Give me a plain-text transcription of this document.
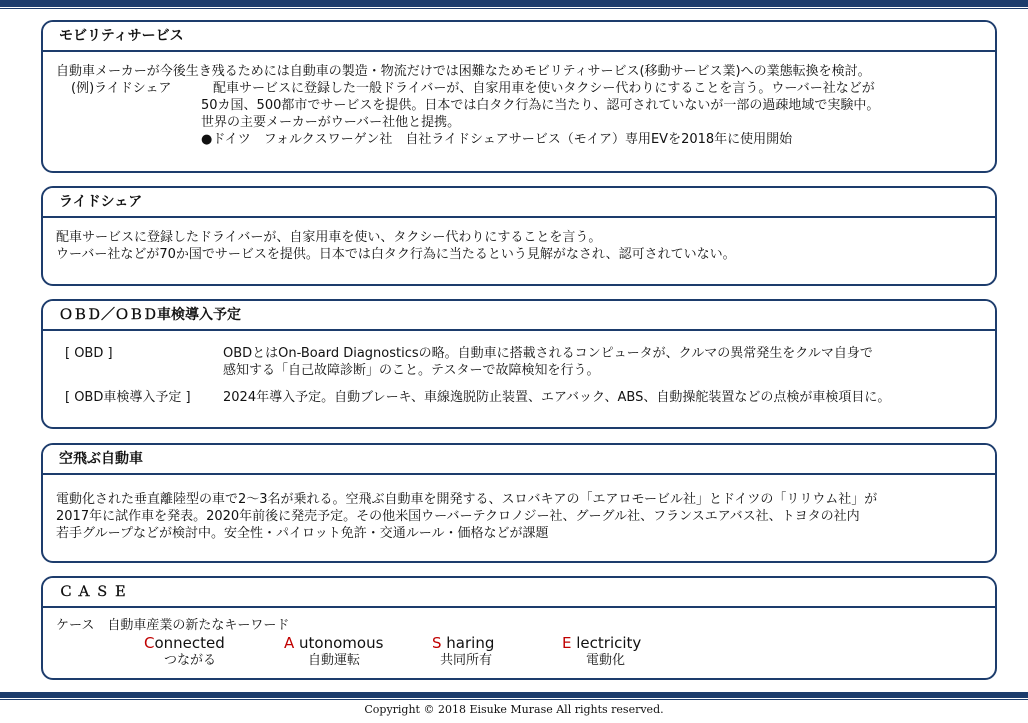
モビリティサービス
自動車メーカーが今後生き残るためには自動車の製造・物流だけでは困難なためモビリティサービス(移動サービス業)への業態転換を検討。
(例)ライドシェア	配車サービスに登録した一般ドライバーが、自家用車を使いタクシー代わりにすることを言う。ウーバー社などが
50カ国、500都市でサービスを提供。日本では白タク行為に当たり、認可されていないが一部の過疎地域で実験中。
世界の主要メーカーがウーバー社他と提携。
●ドイツ　フォルクスワーゲン社　自社ライドシェアサービス（モイア）専用EVを2018年に使用開始
ライドシェア
配車サービスに登録したドライバーが、自家用車を使い、タクシー代わりにすることを言う。
ウーバー社などが70か国でサービスを提供。日本では白タク行為に当たるという見解がなされ、認可されていない。
ＯＢＤ／ＯＢＤ車検導入予定
[ OBD ]	OBDとはOn-Board Diagnosticsの略。自動車に搭載されるコンピュータが、クルマの異常発生をクルマ自身で
感知する「自己故障診断」のこと。テスターで故障検知を行う。
[ OBD車検導入予定 ]	2024年導入予定。自動ブレーキ、車線逸脱防止装置、エアバック、ABS、自動操舵装置などの点検が車検項目に。
空飛ぶ自動車
電動化された垂直離陸型の車で2～3名が乗れる。空飛ぶ自動車を開発する、スロバキアの「エアロモービル社」とドイツの「リリウム社」が
2017年に試作車を発表。2020年前後に発売予定。その他米国ウーバーテクロノジー社、グーグル社、フランスエアバス社、トヨタの社内
若手グループなどが検討中。安全性・パイロット免許・交通ルール・価格などが課題
ＣＡＳＥ
ケース　自動車産業の新たなキーワード
Connected	A utonomous	S haring	E lectricity
つながる	自動運転	共同所有	電動化
Copyright © 2018 Eisuke Murase All rights reserved.
